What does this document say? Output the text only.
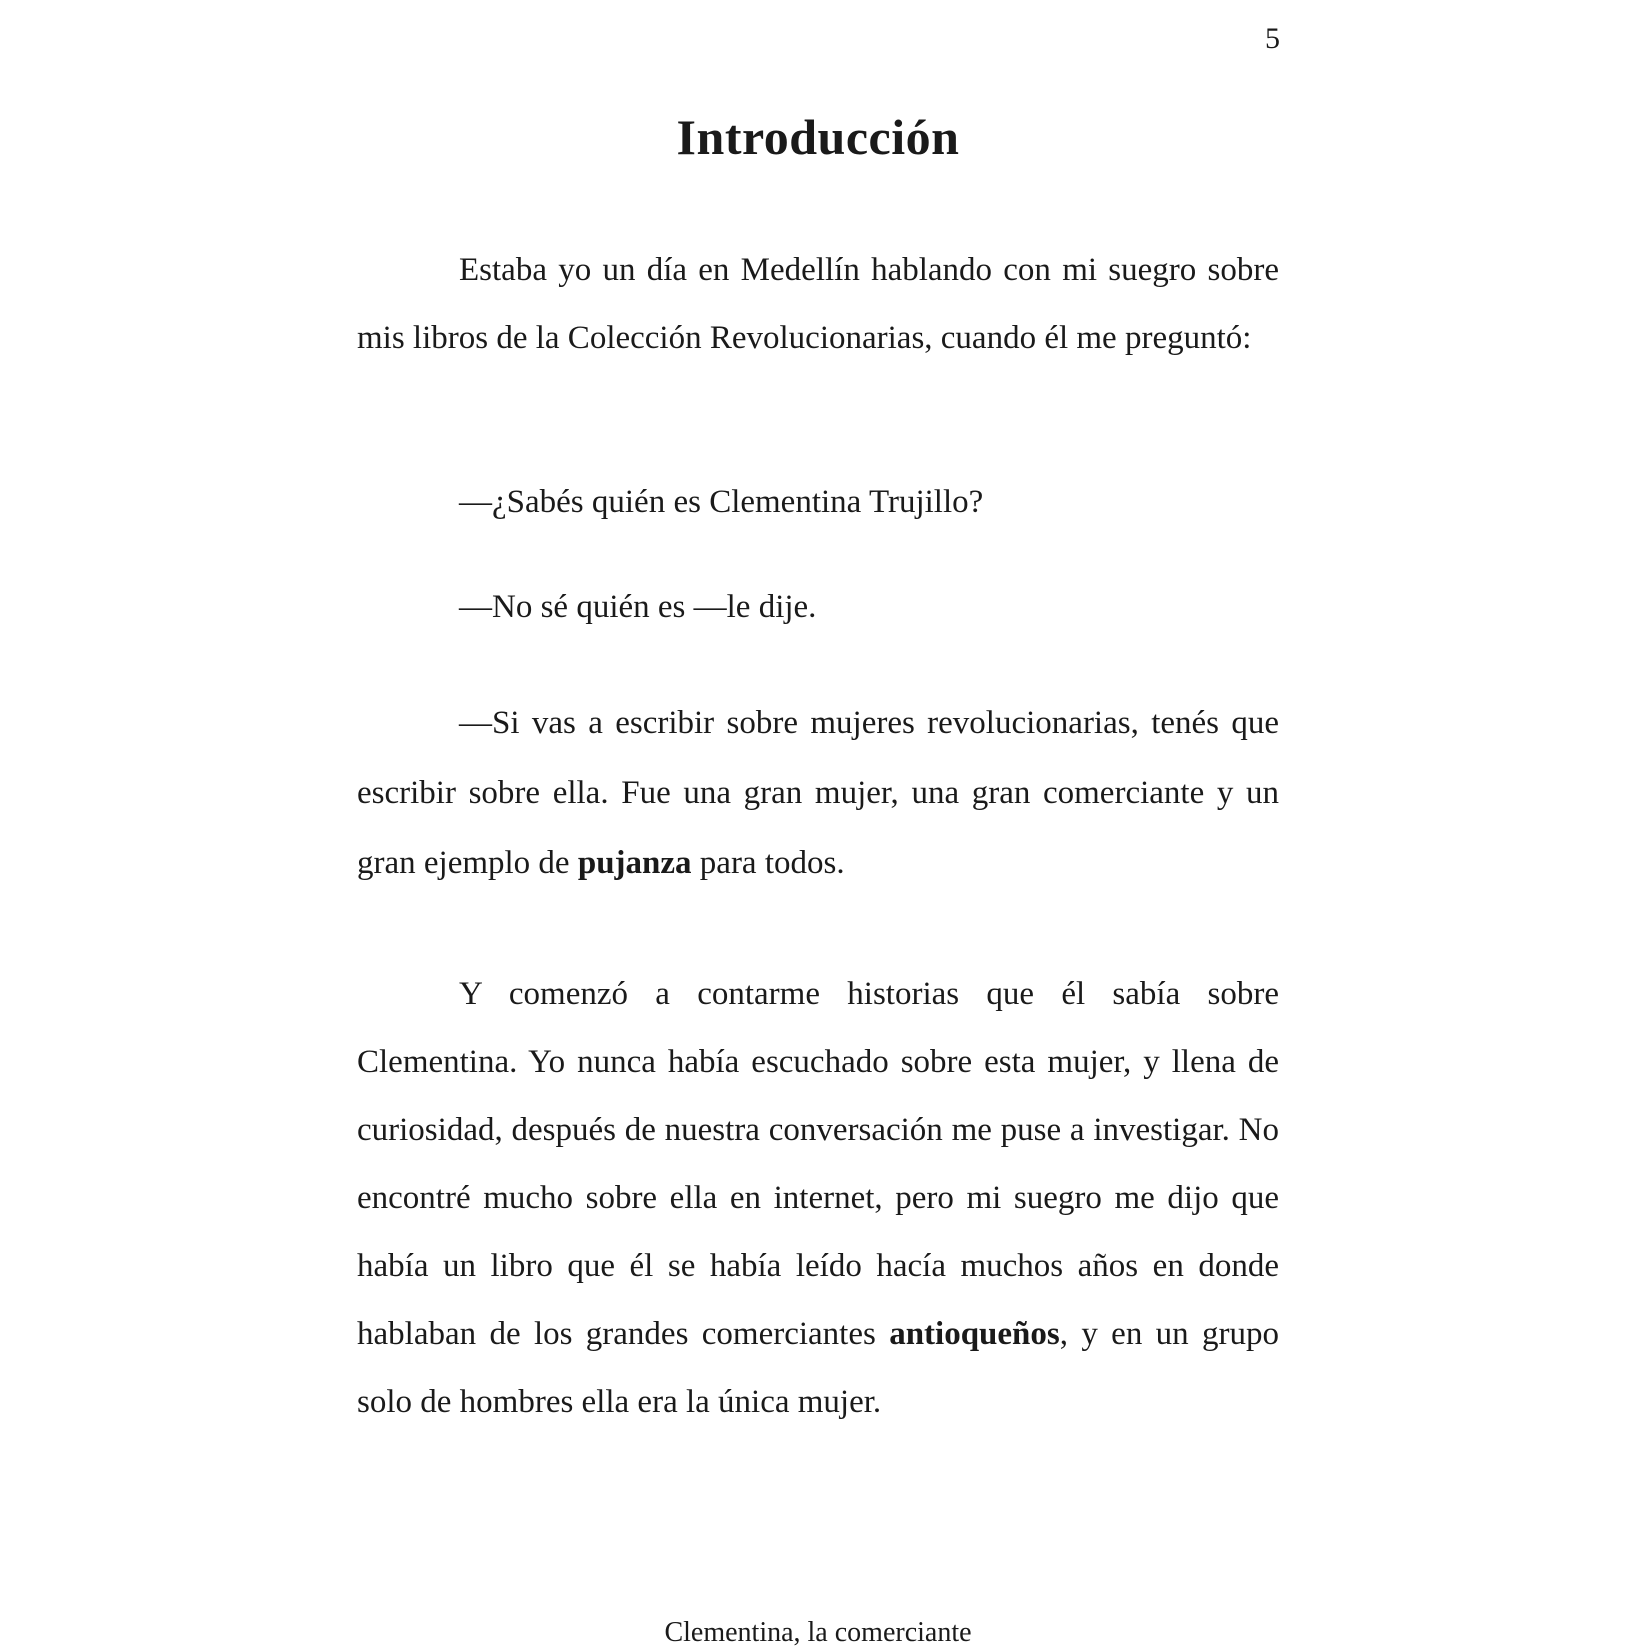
5
Introducción

Estaba yo un día en Medellín hablando con mi suegro sobre mis libros de la Colección Revolucionarias, cuando él me preguntó:

—¿Sabés quién es Clementina Trujillo?

—No sé quién es —le dije.

—Si vas a escribir sobre mujeres revolucionarias, tenés que escribir sobre ella. Fue una gran mujer, una gran comerciante y un gran ejemplo de pujanza para todos.

Y comenzó a contarme historias que él sabía sobre Clementina. Yo nunca había escuchado sobre esta mujer, y llena de curiosidad, después de nuestra conversación me puse a investigar. No encontré mucho sobre ella en internet, pero mi suegro me dijo que había un libro que él se había leído hacía muchos años en donde hablaban de los grandes comerciantes antioqueños, y en un grupo solo de hombres ella era la única mujer.

Clementina, la comerciante
